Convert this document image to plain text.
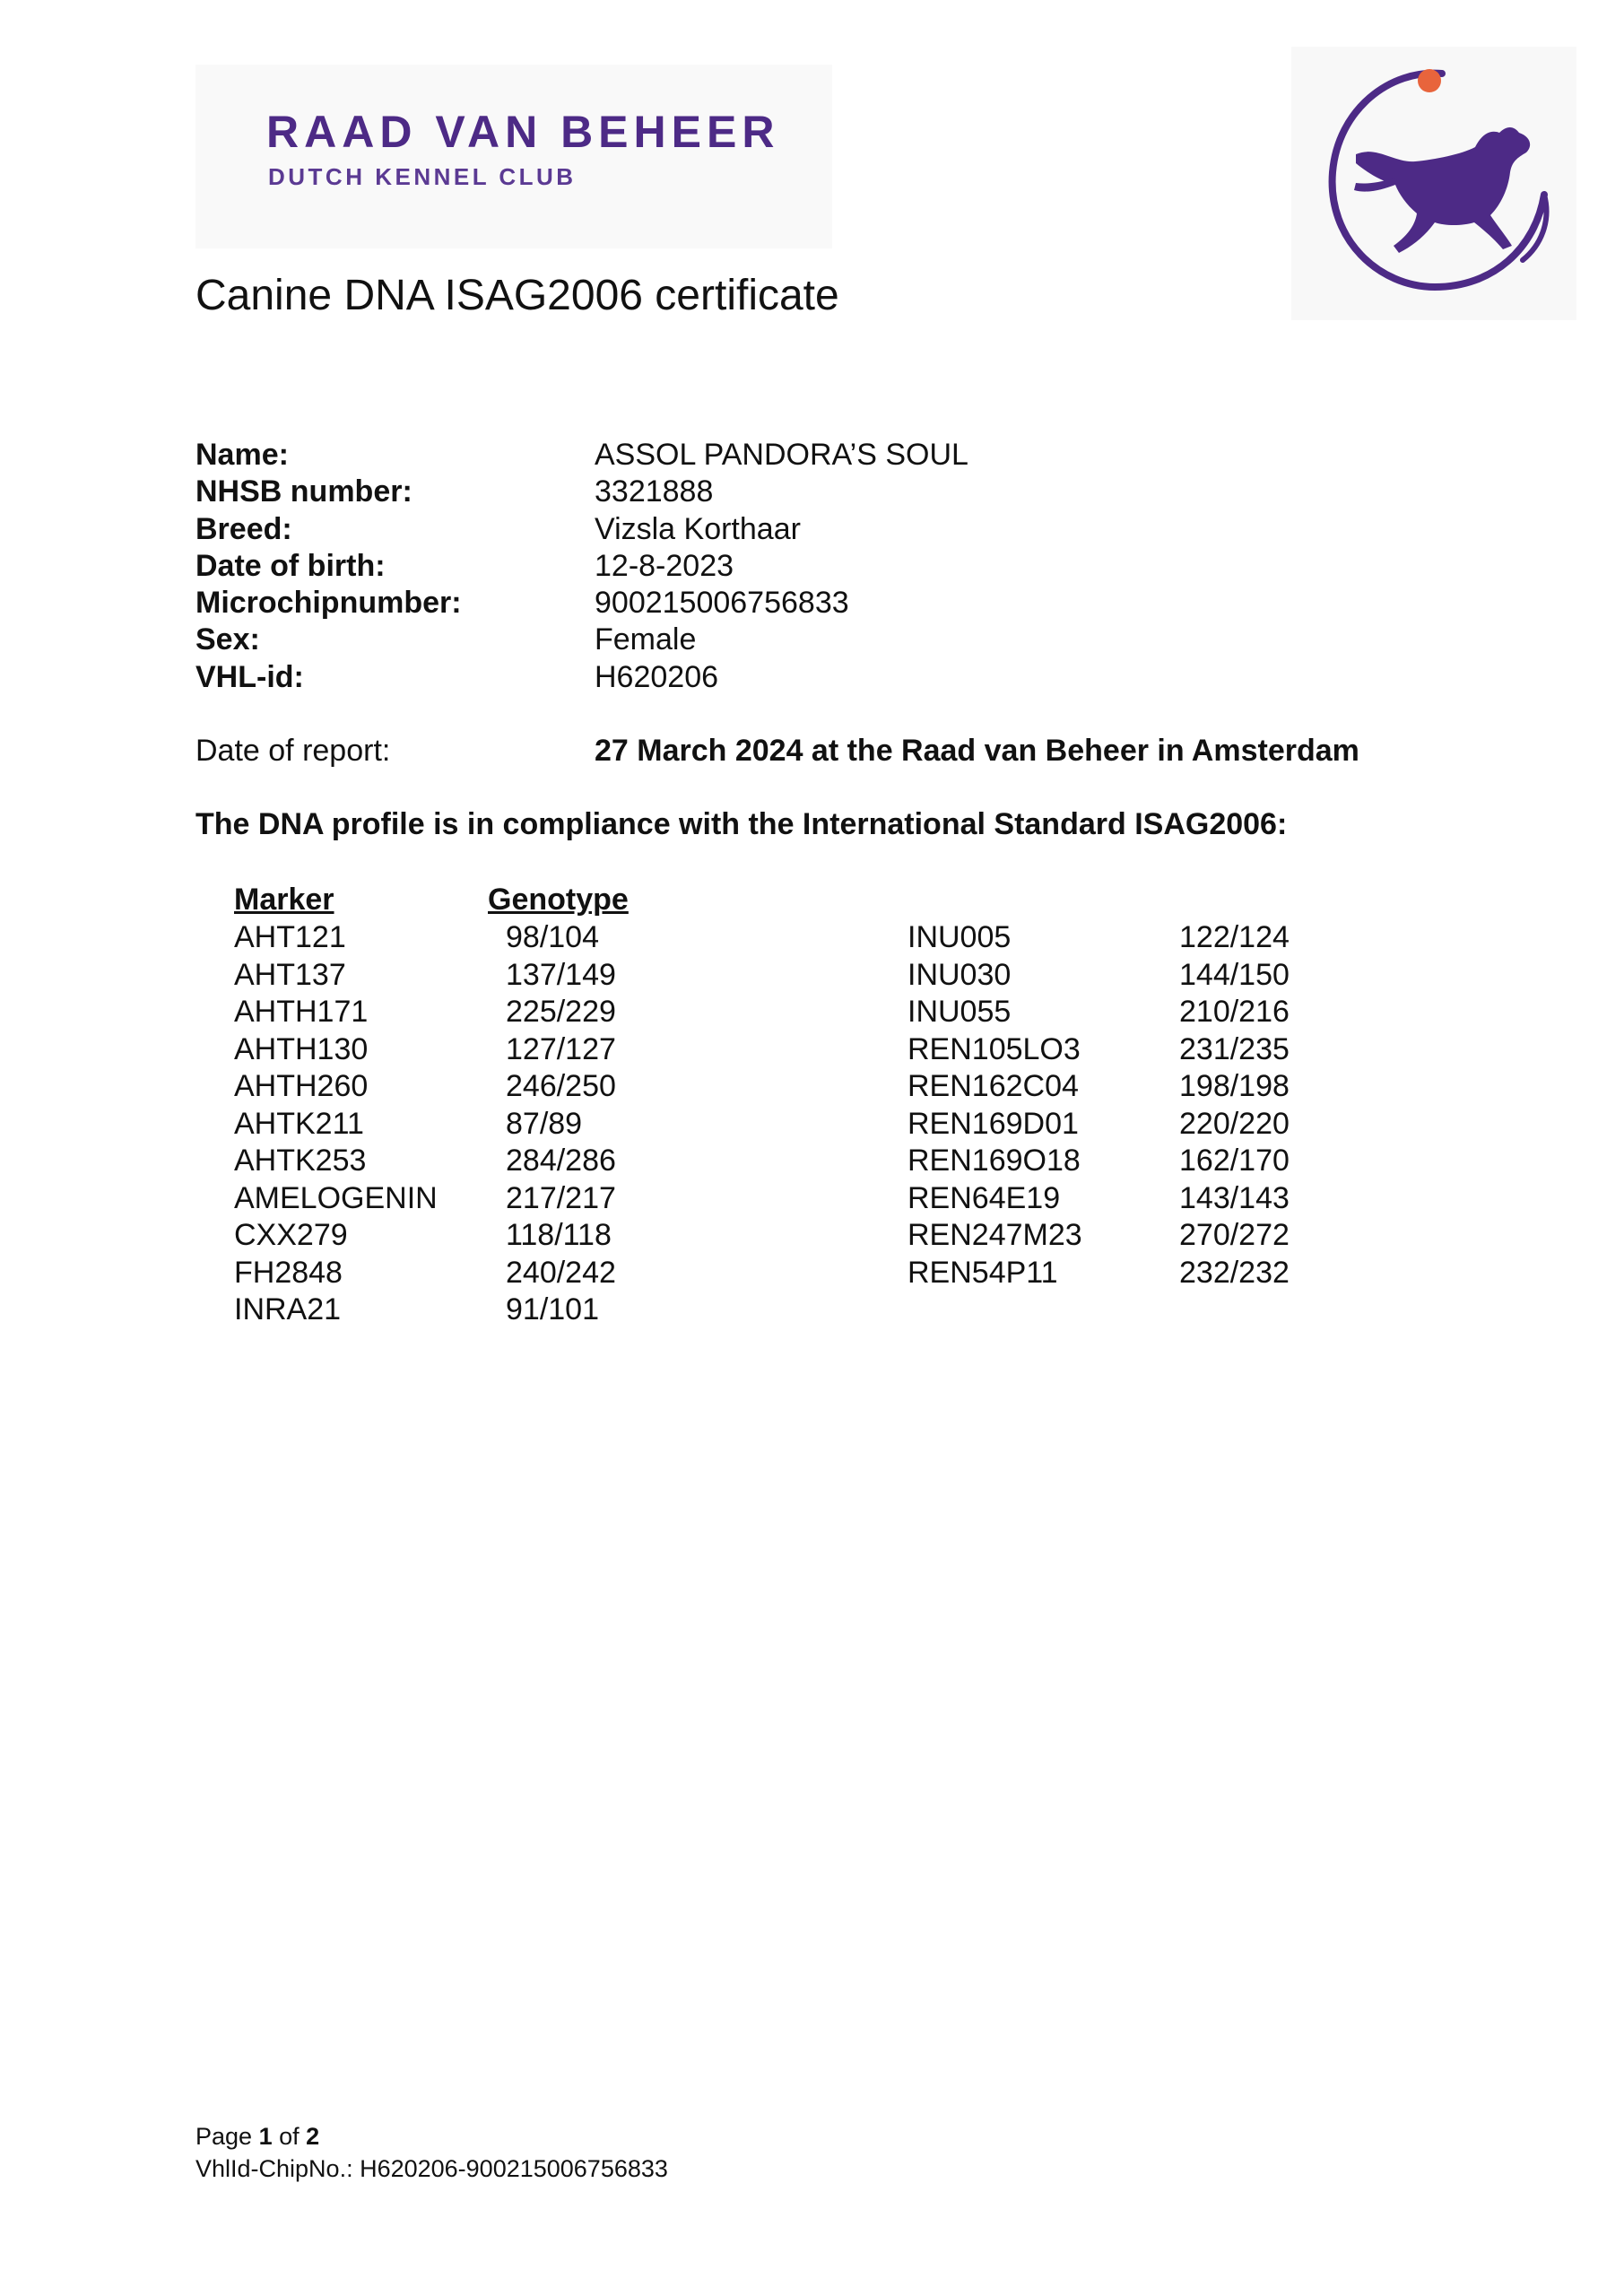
RAAD VAN BEHEER
DUTCH KENNEL CLUB
Canine DNA ISAG2006 certificate
Name:	ASSOL PANDORA’S SOUL
NHSB number:	3321888
Breed:	Vizsla Korthaar
Date of birth:	12-8-2023
Microchipnumber:	900215006756833
Sex:	Female
VHL-id:	H620206
Date of report:	27 March 2024 at the Raad van Beheer in Amsterdam
The DNA profile is in compliance with the International Standard ISAG2006:
Marker	Genotype
AHT121	98/104
AHT137	137/149
AHTH171	225/229
AHTH130	127/127
AHTH260	246/250
AHTK211	87/89
AHTK253	284/286
AMELOGENIN 217/217
CXX279	118/118
FH2848	240/242
INRA21	91/101
INU005	122/124
INU030	144/150
INU055	210/216
REN105LO3	231/235
REN162C04	198/198
REN169D01	220/220
REN169O18	162/170
REN64E19	143/143
REN247M23	270/272
REN54P11	232/232
Page 1 of 2
VhlId-ChipNo.: H620206-900215006756833
